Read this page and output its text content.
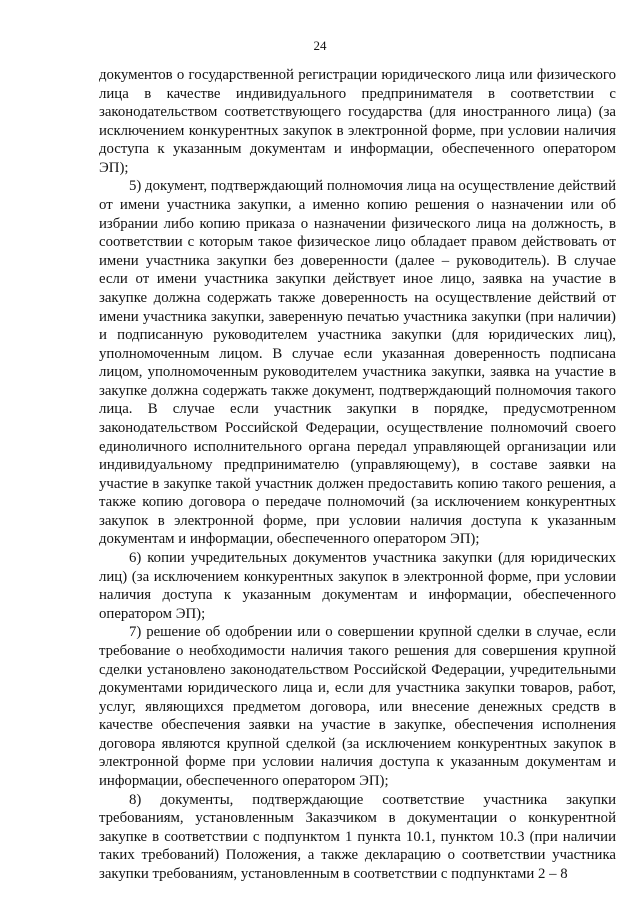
24

документов о государственной регистрации юридического лица или физического лица в качестве индивидуального предпринимателя в соответствии с законодательством соответствующего государства (для иностранного лица) (за исключением конкурентных закупок в электронной форме, при условии наличия доступа к указанным документам и информации, обеспеченного оператором ЭП);

5) документ, подтверждающий полномочия лица на осуществление действий от имени участника закупки, а именно копию решения о назначении или об избрании либо копию приказа о назначении физического лица на должность, в соответствии с которым такое физическое лицо обладает правом действовать от имени участника закупки без доверенности (далее – руководитель). В случае если от имени участника закупки действует иное лицо, заявка на участие в закупке должна содержать также доверенность на осуществление действий от имени участника закупки, заверенную печатью участника закупки (при наличии) и подписанную руководителем участника закупки (для юридических лиц), уполномоченным лицом. В случае если указанная доверенность подписана лицом, уполномоченным руководителем участника закупки, заявка на участие в закупке должна содержать также документ, подтверждающий полномочия такого лица. В случае если участник закупки в порядке, предусмотренном законодательством Российской Федерации, осуществление полномочий своего единоличного исполнительного органа передал управляющей организации или индивидуальному предпринимателю (управляющему), в составе заявки на участие в закупке такой участник должен предоставить копию такого решения, а также копию договора о передаче полномочий (за исключением конкурентных закупок в электронной форме, при условии наличия доступа к указанным документам и информации, обеспеченного оператором ЭП);

6) копии учредительных документов участника закупки (для юридических лиц) (за исключением конкурентных закупок в электронной форме, при условии наличия доступа к указанным документам и информации, обеспеченного оператором ЭП);

7) решение об одобрении или о совершении крупной сделки в случае, если требование о необходимости наличия такого решения для совершения крупной сделки установлено законодательством Российской Федерации, учредительными документами юридического лица и, если для участника закупки товаров, работ, услуг, являющихся предметом договора, или внесение денежных средств в качестве обеспечения заявки на участие в закупке, обеспечения исполнения договора являются крупной сделкой (за исключением конкурентных закупок в электронной форме при условии наличия доступа к указанным документам и информации, обеспеченного оператором ЭП);

8) документы, подтверждающие соответствие участника закупки требованиям, установленным Заказчиком в документации о конкурентной закупке в соответствии с подпунктом 1 пункта 10.1, пунктом 10.3 (при наличии таких требований) Положения, а также декларацию о соответствии участника закупки требованиям, установленным в соответствии с подпунктами 2 – 8
